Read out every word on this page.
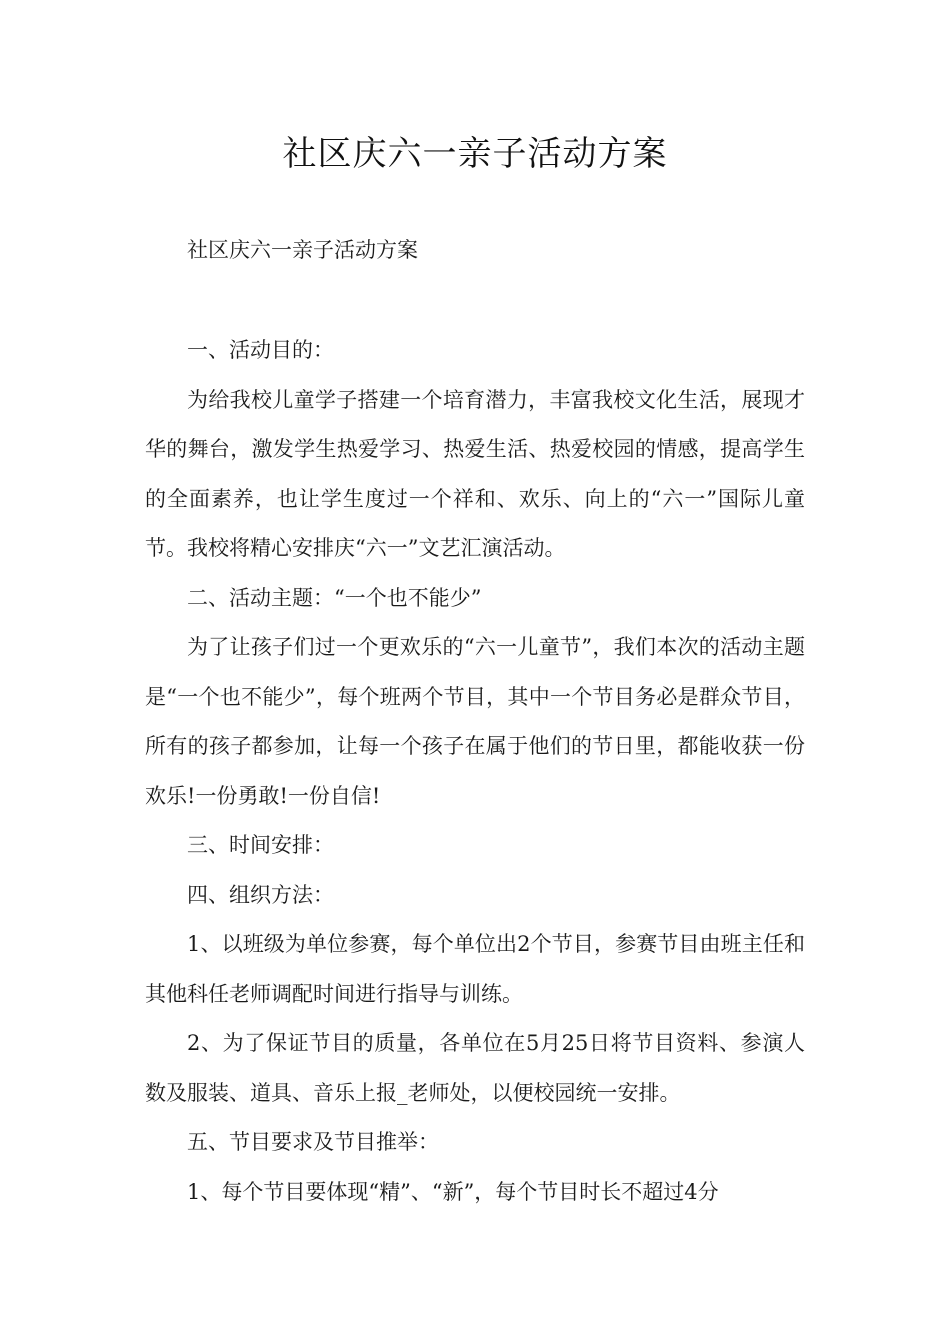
社区庆六一亲子活动方案

社区庆六一亲子活动方案

一、活动目的：

为给我校儿童学子搭建一个培育潜力，丰富我校文化生活，展现才华的舞台，激发学生热爱学习、热爱生活、热爱校园的情感，提高学生的全面素养，也让学生度过一个祥和、欢乐、向上的“六一”国际儿童节。我校将精心安排庆“六一”文艺汇演活动。

二、活动主题：“一个也不能少”

为了让孩子们过一个更欢乐的“六一儿童节”，我们本次的活动主题是“一个也不能少”，每个班两个节目，其中一个节目务必是群众节目，所有的孩子都参加，让每一个孩子在属于他们的节日里，都能收获一份欢乐!一份勇敢!一份自信!

三、时间安排：

四、组织方法：

1、以班级为单位参赛，每个单位出2个节目，参赛节目由班主任和其他科任老师调配时间进行指导与训练。

2、为了保证节目的质量，各单位在5月25日将节目资料、参演人数及服装、道具、音乐上报_老师处，以便校园统一安排。

五、节目要求及节目推举：

1、每个节目要体现“精”、“新”，每个节目时长不超过4分
